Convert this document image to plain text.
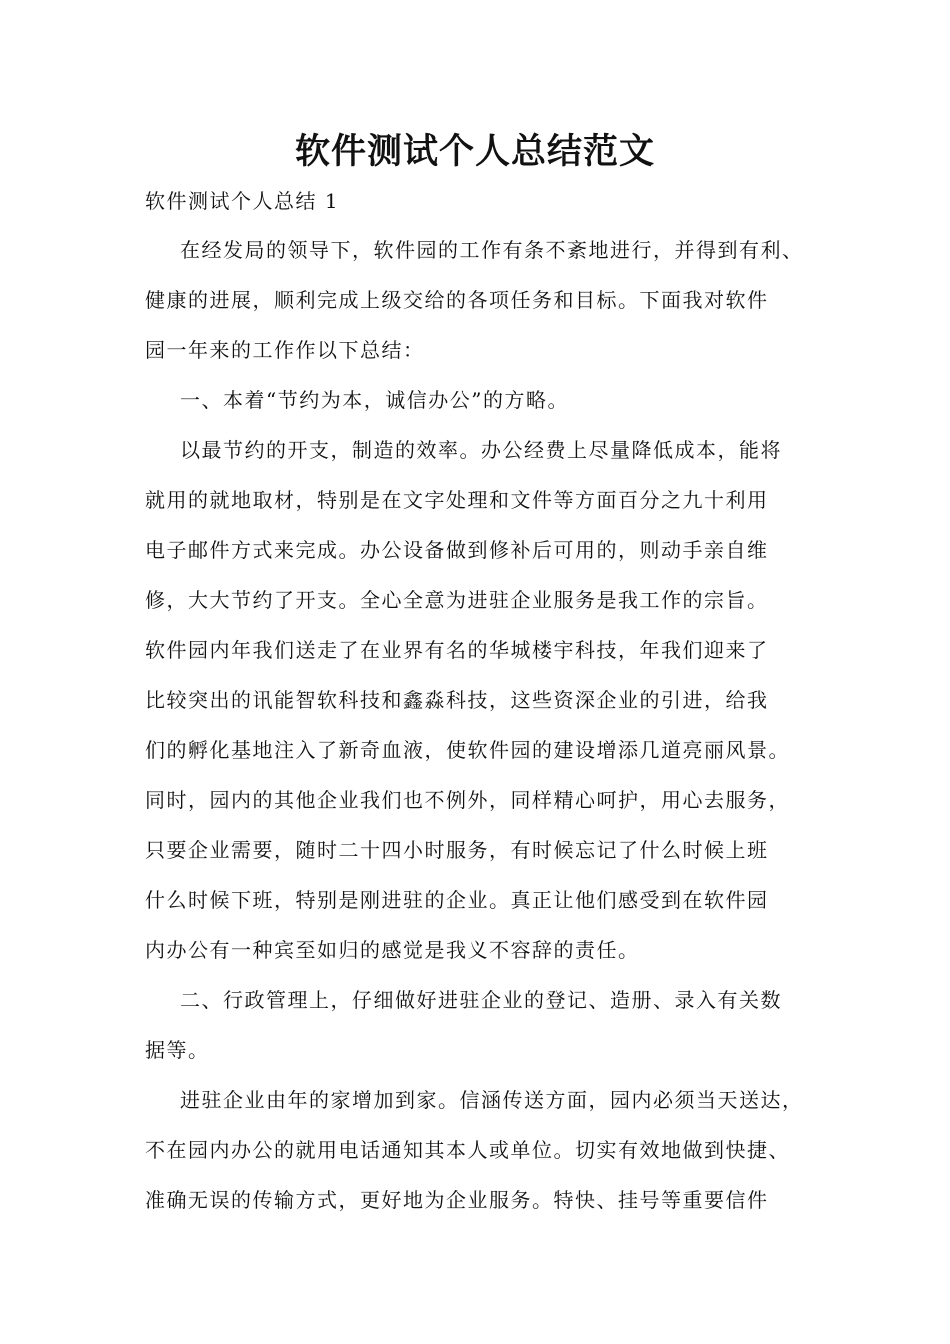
软件测试个人总结范文

软件测试个人总结 1

在经发局的领导下，软件园的工作有条不紊地进行，并得到有利、

健康的进展，顺利完成上级交给的各项任务和目标。下面我对软件

园一年来的工作作以下总结：

一、本着“节约为本，诚信办公”的方略。

以最节约的开支，制造的效率。办公经费上尽量降低成本，能将

就用的就地取材，特别是在文字处理和文件等方面百分之九十利用

电子邮件方式来完成。办公设备做到修补后可用的，则动手亲自维

修，大大节约了开支。全心全意为进驻企业服务是我工作的宗旨。

软件园内年我们送走了在业界有名的华城楼宇科技，年我们迎来了

比较突出的讯能智软科技和鑫淼科技，这些资深企业的引进，给我

们的孵化基地注入了新奇血液，使软件园的建设增添几道亮丽风景。

同时，园内的其他企业我们也不例外，同样精心呵护，用心去服务，

只要企业需要，随时二十四小时服务，有时候忘记了什么时候上班

什么时候下班，特别是刚进驻的企业。真正让他们感受到在软件园

内办公有一种宾至如归的感觉是我义不容辞的责任。

二、行政管理上，仔细做好进驻企业的登记、造册、录入有关数

据等。

进驻企业由年的家增加到家。信涵传送方面，园内必须当天送达，

不在园内办公的就用电话通知其本人或单位。切实有效地做到快捷、

准确无误的传输方式，更好地为企业服务。特快、挂号等重要信件
